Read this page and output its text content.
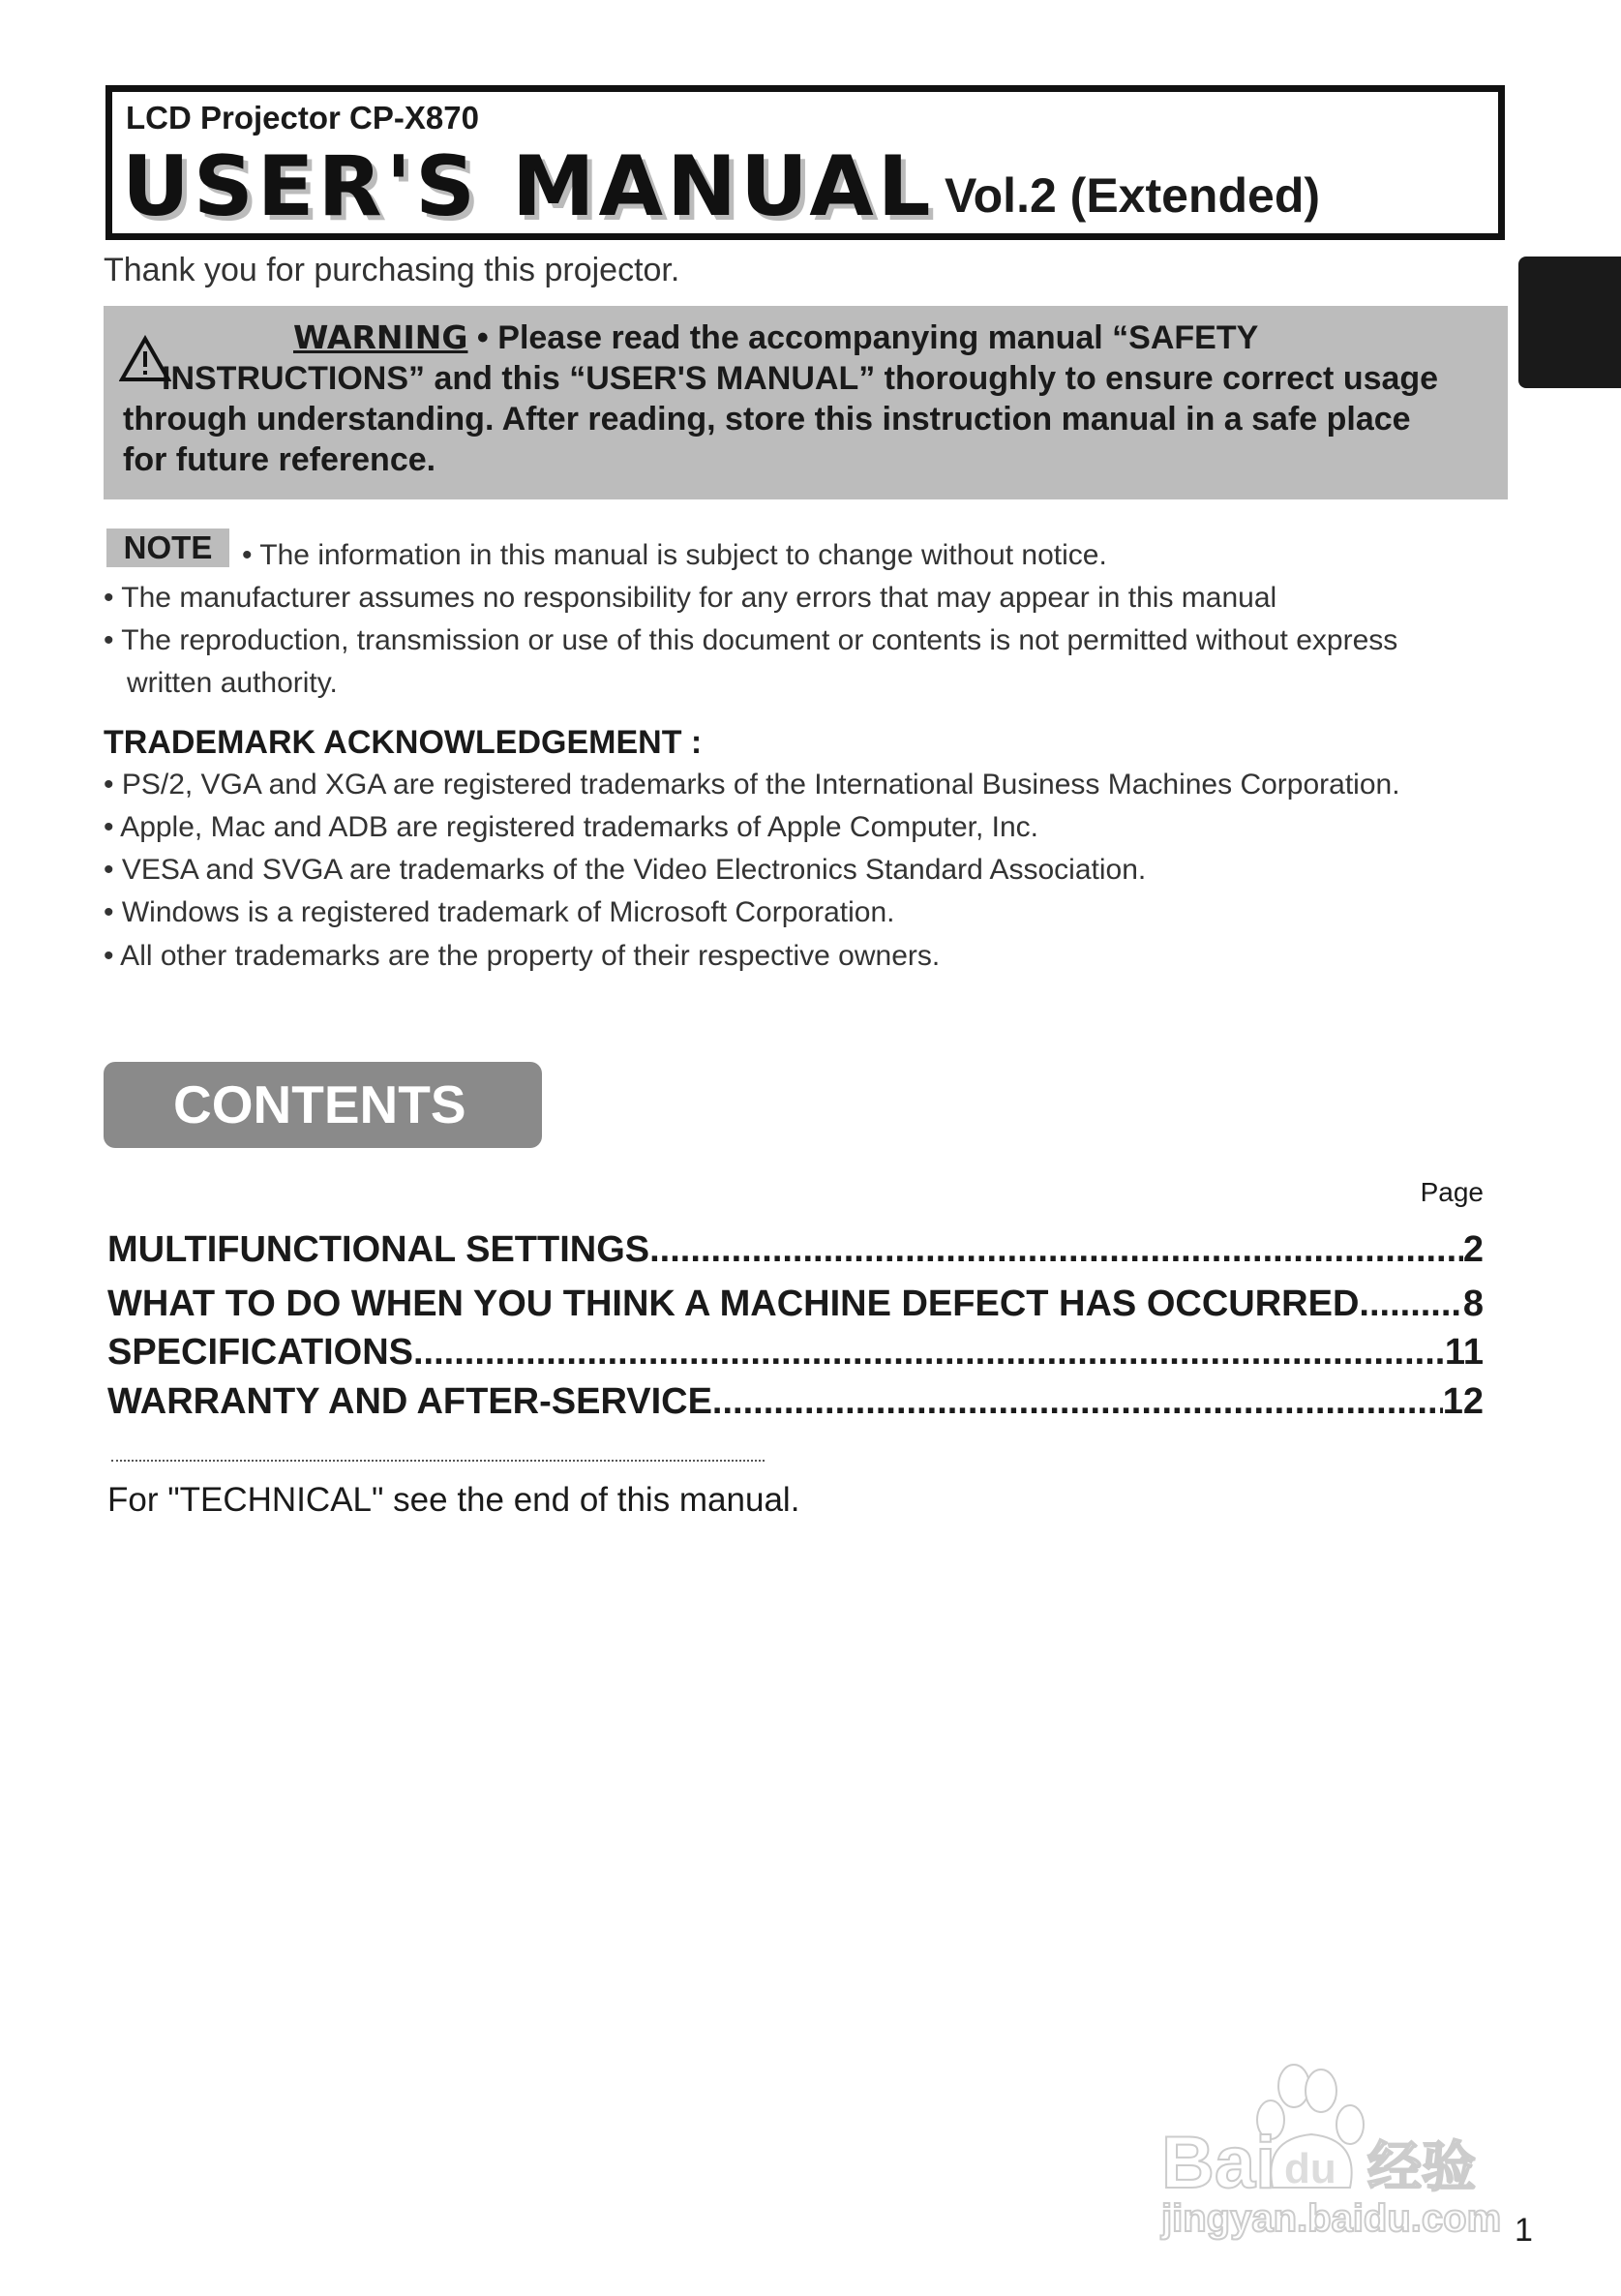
LCD Projector CP-X870
USER'S MANUAL Vol.2 (Extended)
Thank you for purchasing this projector.
WARNING • Please read the accompanying manual “SAFETY
INSTRUCTIONS” and this “USER'S MANUAL” thoroughly to ensure correct usage through understanding. After reading, store this instruction manual in a safe place for future reference.
NOTE	• The information in this manual is subject to change without notice.
• The manufacturer assumes no responsibility for any errors that may appear in this manual
• The reproduction, transmission or use of this document or contents is not permitted without express
written authority.
TRADEMARK ACKNOWLEDGEMENT :
• PS/2, VGA and XGA are registered trademarks of the International Business Machines Corporation.
• Apple, Mac and ADB are registered trademarks of Apple Computer, Inc.
• VESA and SVGA are trademarks of the Video Electronics Standard Association.
• Windows is a registered trademark of Microsoft Corporation.
• All other trademarks are the property of their respective owners.
CONTENTS
Page
MULTIFUNCTIONAL SETTINGS .....	2
WHAT TO DO WHEN YOU THINK A MACHINE DEFECT HAS OCCURRED .....	8
SPECIFICATIONS .....	11
WARRANTY AND AFTER-SERVICE .....	12
For "TECHNICAL" see the end of this manual.
Bai du 经验
jingyan.baidu.com 1
